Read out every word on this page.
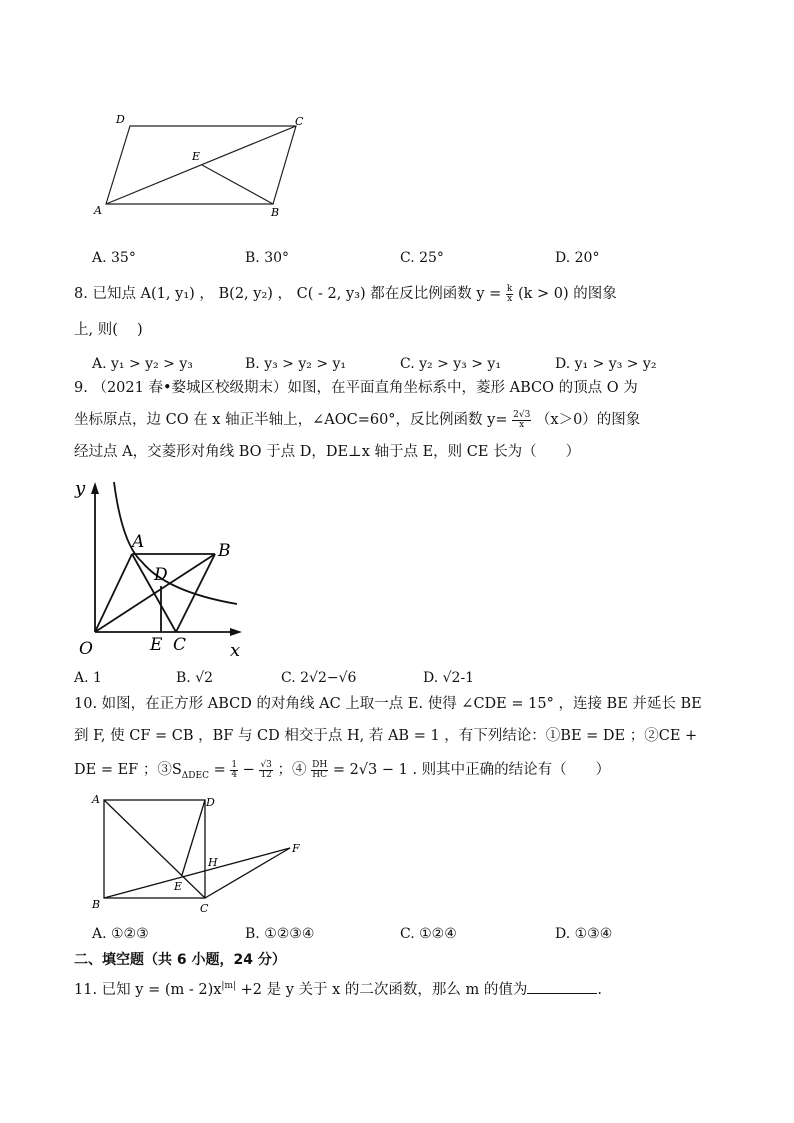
D	C
E
A	B
A. 35°	B. 30°	C. 25°	D. 20°
8. 已知点 A(1, y₁) ， B(2, y₂) ， C( - 2, y₃) 都在反比例函数 $y = \frac{k}{x} (k > 0)$ 的图象
上, 则(　 )
A. y₁ > y₂ > y₃	B. y₃ > y₂ > y₁	C. y₂ > y₃ > y₁	D. y₁ > y₃ > y₂
9. （2021 春•婺城区校级期末）如图，在平面直角坐标系中，菱形 ABCO 的顶点 O 为
坐标原点，边 CO 在 x 轴正半轴上，∠AOC=60°，反比例函数 $y= \frac{2√3}{x} (x>0)$的图象
经过点 A，交菱形对角线 BO 于点 D，DE⊥x 轴于点 E，则 CE 长为（　　）
y
A	B
D
O	E C x
A. 1	B. √2	C. 2√2−√6	D. √2-1
10. 如图，在正方形 ABCD 的对角线 AC 上取一点 E. 使得 ∠CDE = 15° ，连接 BE 并延长 BE
到 F, 使 CF = CB ，BF 与 CD 相交于点 H, 若 AB = 1 ，有下列结论：①BE = DE ；②CE +
DE = EF ；$③S_{\Delta DEC} = \frac{1}{4} - \frac{√3}{12}$ ；④ $\frac{DH}{HC} = 2√3 - 1$ . 则其中正确的结论有（　　）
A	D
F
H
E
B	C
A. ①②③	B. ①②③④	C. ①②④	D. ①③④
二、填空题（共 6 小题，24 分）
11. 已知 $y = (m - 2)x^{|m|} +2$ 是 y 关于 x 的二次函数，那么 m 的值为	.
